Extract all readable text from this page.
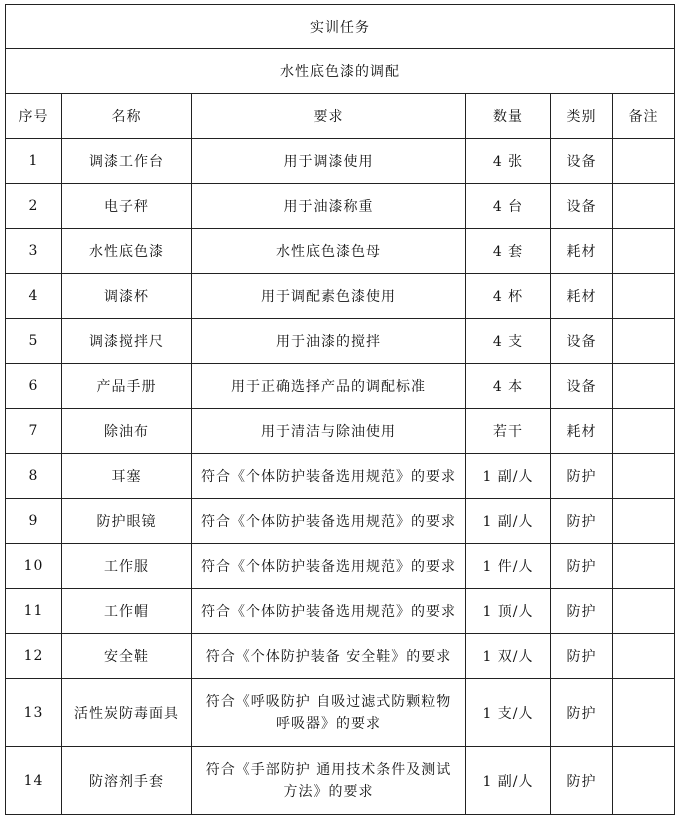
实训任务					
水性底色漆的调配					
序号	名称	要求	数量	类别	备注
1	调漆工作台	用于调漆使用	4 张	设备	
2	电子秤	用于油漆称重	4 台	设备	
3	水性底色漆	水性底色漆色母	4 套	耗材	
4	调漆杯	用于调配素色漆使用	4 杯	耗材	
5	调漆搅拌尺	用于油漆的搅拌	4 支	设备	
6	产品手册	用于正确选择产品的调配标准	4 本	设备	
7	除油布	用于清洁与除油使用	若干	耗材	
8	耳塞	符合《个体防护装备选用规范》的要求	1 副/人	防护	
9	防护眼镜	符合《个体防护装备选用规范》的要求	1 副/人	防护	
10	工作服	符合《个体防护装备选用规范》的要求	1 件/人	防护	
11	工作帽	符合《个体防护装备选用规范》的要求	1 顶/人	防护	
12	安全鞋	符合《个体防护装备 安全鞋》的要求	1 双/人	防护	
13	活性炭防毒面具	符合《呼吸防护 自吸过滤式防颗粒物
呼吸器》的要求	1 支/人	防护	
14	防溶剂手套	符合《手部防护 通用技术条件及测试
方法》的要求	1 副/人	防护	
